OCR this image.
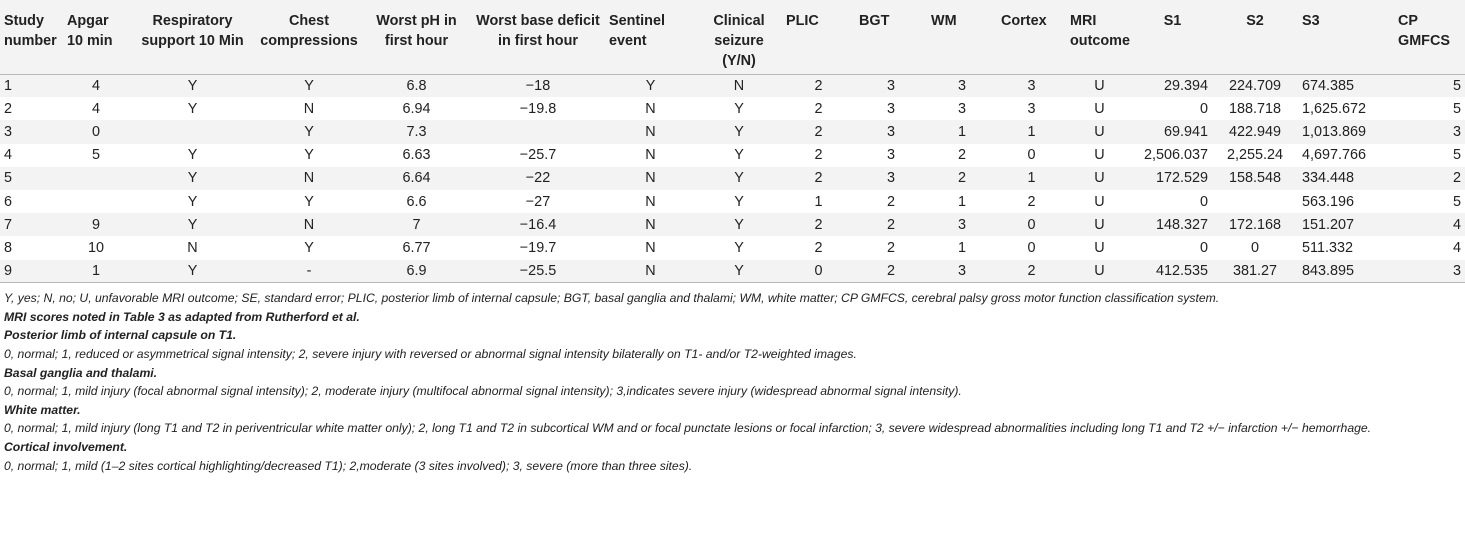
Study number	Apgar 10 min	Respiratory support 10 Min	Chest compressions	Worst pH in first hour	Worst base deficit in first hour	Sentinel event	Clinical seizure (Y/N)	PLIC	BGT	WM	Cortex	MRI outcome	S1	S2	S3	CP GMFCS
1	4	Y	Y	6.8	−18	Y	N	2	3	3	3	U	29.394	224.709	674.385	5
2	4	Y	N	6.94	−19.8	N	Y	2	3	3	3	U	0	188.718	1,625.672	5
3	0		Y	7.3		N	Y	2	3	1	1	U	69.941	422.949	1,013.869	3
4	5	Y	Y	6.63	−25.7	N	Y	2	3	2	0	U	2,506.037	2,255.24	4,697.766	5
5		Y	N	6.64	−22	N	Y	2	3	2	1	U	172.529	158.548	334.448	2
6		Y	Y	6.6	−27	N	Y	1	2	1	2	U	0		563.196	5
7	9	Y	N	7	−16.4	N	Y	2	2	3	0	U	148.327	172.168	151.207	4
8	10	N	Y	6.77	−19.7	N	Y	2	2	1	0	U	0	0	511.332	4
9	1	Y	-	6.9	−25.5	N	Y	0	2	3	2	U	412.535	381.27	843.895	3

Y, yes; N, no; U, unfavorable MRI outcome; SE, standard error; PLIC, posterior limb of internal capsule; BGT, basal ganglia and thalami; WM, white matter; CP GMFCS, cerebral palsy gross motor function classification system.

MRI scores noted in Table 3 as adapted from Rutherford et al.

Posterior limb of internal capsule on T1.

0, normal; 1, reduced or asymmetrical signal intensity; 2, severe injury with reversed or abnormal signal intensity bilaterally on T1- and/or T2-weighted images.

Basal ganglia and thalami.

0, normal; 1, mild injury (focal abnormal signal intensity); 2, moderate injury (multifocal abnormal signal intensity); 3,indicates severe injury (widespread abnormal signal intensity).

White matter.

0, normal; 1, mild injury (long T1 and T2 in periventricular white matter only); 2, long T1 and T2 in subcortical WM and or focal punctate lesions or focal infarction; 3, severe widespread abnormalities including long T1 and T2 +/− infarction +/− hemorrhage.

Cortical involvement.

0, normal; 1, mild (1–2 sites cortical highlighting/decreased T1); 2,moderate (3 sites involved); 3, severe (more than three sites).
